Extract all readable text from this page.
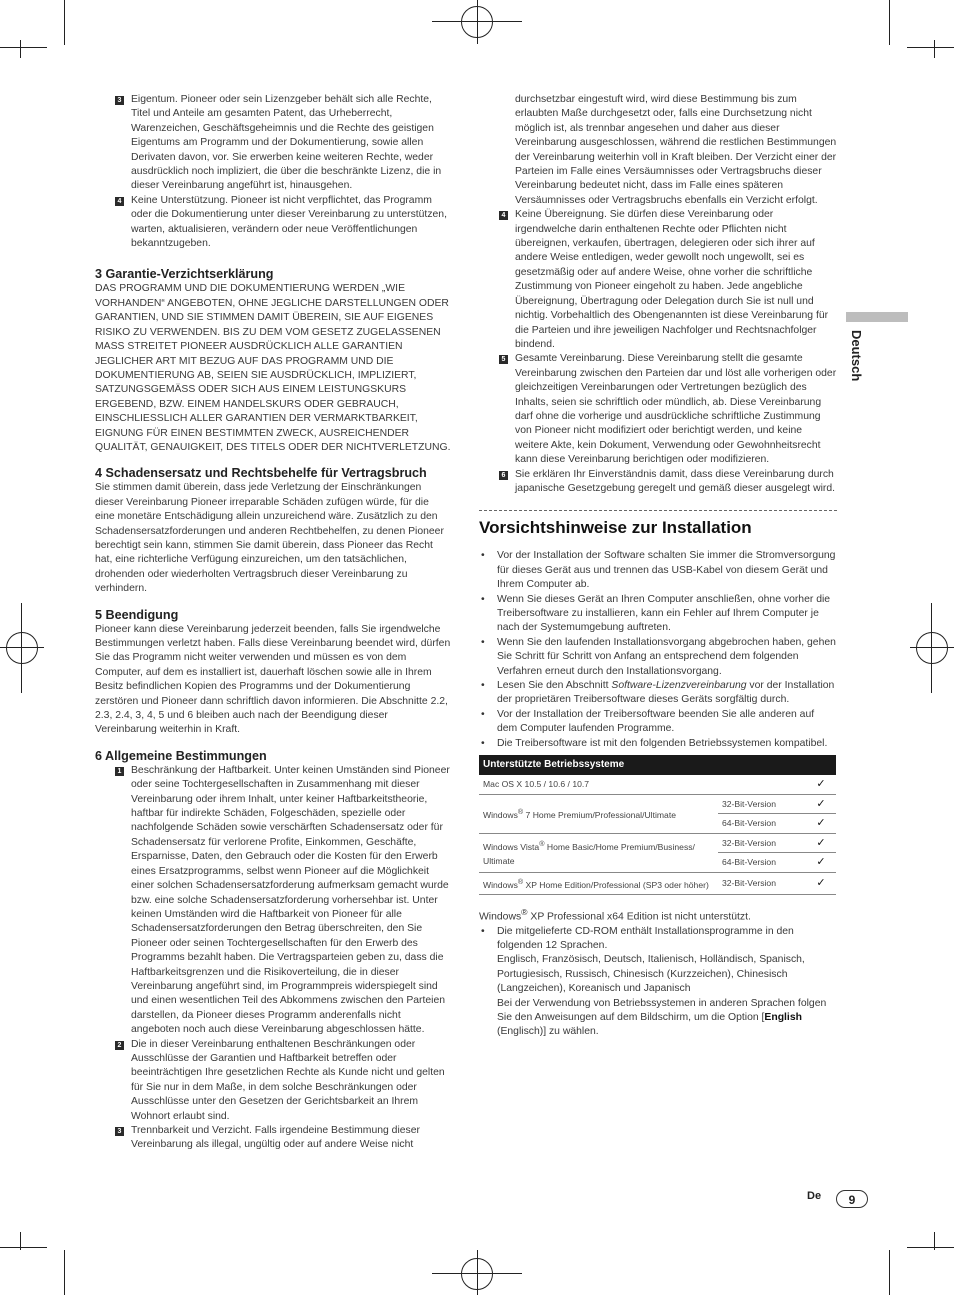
Deutsch
3 Eigentum. Pioneer oder sein Lizenzgeber behält sich alle Rechte, Titel und Anteile am gesamten Patent, das Urheberrecht, Warenzeichen, Geschäftsgeheimnis und die Rechte des geistigen Eigentums am Programm und der Dokumentierung, sowie allen Derivaten davon, vor. Sie erwerben keine weiteren Rechte, weder ausdrücklich noch impliziert, die über die beschränkte Lizenz, die in dieser Vereinbarung angeführt ist, hinausgehen.

4 Keine Unterstützung. Pioneer ist nicht verpflichtet, das Programm oder die Dokumentierung unter dieser Vereinbarung zu unterstützen, warten, aktualisieren, verändern oder neue Veröffentlichungen bekanntzugeben.

3 Garantie-Verzichtserklärung

DAS PROGRAMM UND DIE DOKUMENTIERUNG WERDEN „WIE VORHANDEN“ ANGEBOTEN, OHNE JEGLICHE DARSTELLUNGEN ODER GARANTIEN, UND SIE STIMMEN DAMIT ÜBEREIN, SIE AUF EIGENES RISIKO ZU VERWENDEN. BIS ZU DEM VOM GESETZ ZUGELASSENEN MASS STREITET PIONEER AUSDRÜCKLICH ALLE GARANTIEN JEGLICHER ART MIT BEZUG AUF DAS PROGRAMM UND DIE DOKUMENTIERUNG AB, SEIEN SIE AUSDRÜCKLICH, IMPLIZIERT, SATZUNGSGEMÄSS ODER SICH AUS EINEM LEISTUNGSKURS ERGEBEND, BZW. EINEM HANDELSKURS ODER GEBRAUCH, EINSCHLIESSLICH ALLER GARANTIEN DER VERMARKTBARKEIT, EIGNUNG FÜR EINEN BESTIMMTEN ZWECK, AUSREICHENDER QUALITÄT, GENAUIGKEIT, DES TITELS ODER DER NICHTVERLETZUNG.

4 Schadensersatz und Rechtsbehelfe für Vertragsbruch

Sie stimmen damit überein, dass jede Verletzung der Einschränkungen dieser Vereinbarung Pioneer irreparable Schäden zufügen würde, für die eine monetäre Entschädigung allein unzureichend wäre. Zusätzlich zu den Schadensersatzforderungen und anderen Rechtbehelfen, zu denen Pioneer berechtigt sein kann, stimmen Sie damit überein, dass Pioneer das Recht hat, eine richterliche Verfügung einzureichen, um den tatsächlichen, drohenden oder wiederholten Vertragsbruch dieser Vereinbarung zu verhindern.

5 Beendigung

Pioneer kann diese Vereinbarung jederzeit beenden, falls Sie irgendwelche Bestimmungen verletzt haben. Falls diese Vereinbarung beendet wird, dürfen Sie das Programm nicht weiter verwenden und müssen es von dem Computer, auf dem es installiert ist, dauerhaft löschen sowie alle in Ihrem Besitz befindlichen Kopien des Programms und der Dokumentierung zerstören und Pioneer dann schriftlich davon informieren. Die Abschnitte 2.2, 2.3, 2.4, 3, 4, 5 und 6 bleiben auch nach der Beendigung dieser Vereinbarung weiterhin in Kraft.

6 Allgemeine Bestimmungen
1 Beschränkung der Haftbarkeit. Unter keinen Umständen sind Pioneer oder seine Tochtergesellschaften in Zusammenhang mit dieser Vereinbarung oder ihrem Inhalt, unter keiner Haftbarkeitstheorie, haftbar für indirekte Schäden, Folgeschäden, spezielle oder nachfolgende Schäden sowie verschärften Schadensersatz oder für Schadensersatz für verlorene Profite, Einkommen, Geschäfte, Ersparnisse, Daten, den Gebrauch oder die Kosten für den Erwerb eines Ersatzprogramms, selbst wenn Pioneer auf die Möglichkeit einer solchen Schadensersatzforderung aufmerksam gemacht wurde bzw. eine solche Schadensersatzforderung vorhersehbar ist. Unter keinen Umständen wird die Haftbarkeit von Pioneer für alle Schadensersatzforderungen den Betrag überschreiten, den Sie Pioneer oder seinen Tochtergesellschaften für den Erwerb des Programms bezahlt haben. Die Vertragsparteien geben zu, dass die Haftbarkeitsgrenzen und die Risikoverteilung, die in dieser Vereinbarung angeführt sind, im Programmpreis widerspiegelt sind und einen wesentlichen Teil des Abkommens zwischen den Parteien darstellen, da Pioneer dieses Programm anderenfalls nicht angeboten noch auch diese Vereinbarung abgeschlossen hätte.

2 Die in dieser Vereinbarung enthaltenen Beschränkungen oder Ausschlüsse der Garantien und Haftbarkeit betreffen oder beeinträchtigen Ihre gesetzlichen Rechte als Kunde nicht und gelten für Sie nur in dem Maße, in dem solche Beschränkungen oder Ausschlüsse unter den Gesetzen der Gerichtsbarkeit an Ihrem Wohnort erlaubt sind.

3 Trennbarkeit und Verzicht. Falls irgendeine Bestimmung dieser Vereinbarung als illegal, ungültig oder auf andere Weise nicht

durchsetzbar eingestuft wird, wird diese Bestimmung bis zum erlaubten Maße durchgesetzt oder, falls eine Durchsetzung nicht möglich ist, als trennbar angesehen und daher aus dieser Vereinbarung ausgeschlossen, während die restlichen Bestimmungen der Vereinbarung weiterhin voll in Kraft bleiben. Der Verzicht einer der Parteien im Falle eines Versäumnisses oder Vertragsbruchs dieser Vereinbarung bedeutet nicht, dass im Falle eines späteren Versäumnisses oder Vertragsbruchs ebenfalls ein Verzicht erfolgt.

4 Keine Übereignung. Sie dürfen diese Vereinbarung oder irgendwelche darin enthaltenen Rechte oder Pflichten nicht übereignen, verkaufen, übertragen, delegieren oder sich ihrer auf andere Weise entledigen, weder gewollt noch ungewollt, sei es gesetzmäßig oder auf andere Weise, ohne vorher die schriftliche Zustimmung von Pioneer eingeholt zu haben. Jede angebliche Übereignung, Übertragung oder Delegation durch Sie ist null und nichtig. Vorbehaltlich des Obengenannten ist diese Vereinbarung für die Parteien und ihre jeweiligen Nachfolger und Rechtsnachfolger bindend.

5 Gesamte Vereinbarung. Diese Vereinbarung stellt die gesamte Vereinbarung zwischen den Parteien dar und löst alle vorherigen oder gleichzeitigen Vereinbarungen oder Vertretungen bezüglich des Inhalts, seien sie schriftlich oder mündlich, ab. Diese Vereinbarung darf ohne die vorherige und ausdrückliche schriftliche Zustimmung von Pioneer nicht modifiziert oder berichtigt werden, und keine weitere Akte, kein Dokument, Verwendung oder Gewohnheitsrecht kann diese Vereinbarung berichtigen oder modifizieren.

6 Sie erklären Ihr Einverständnis damit, dass diese Vereinbarung durch japanische Gesetzgebung geregelt und gemäß dieser ausgelegt wird.

Vorsichtshinweise zur Installation
• Vor der Installation der Software schalten Sie immer die Stromversorgung für dieses Gerät aus und trennen das USB-Kabel von diesem Gerät und Ihrem Computer ab.
• Wenn Sie dieses Gerät an Ihren Computer anschließen, ohne vorher die Treibersoftware zu installieren, kann ein Fehler auf Ihrem Computer je nach der Systemumgebung auftreten.
• Wenn Sie den laufenden Installationsvorgang abgebrochen haben, gehen Sie Schritt für Schritt von Anfang an entsprechend dem folgenden Verfahren erneut durch den Installationsvorgang.
• Lesen Sie den Abschnitt Software-Lizenzvereinbarung vor der Installation der proprietären Treibersoftware dieses Geräts sorgfältig durch.
• Vor der Installation der Treibersoftware beenden Sie alle anderen auf dem Computer laufenden Programme.
• Die Treibersoftware ist mit den folgenden Betriebssystemen kompatibel.
Unterstützte Betriebssysteme		
Mac OS X 10.5 / 10.6 / 10.7		✓
Windows® 7 Home Premium/Professional/Ultimate	32-Bit-Version	✓
	64-Bit-Version	✓
Windows Vista® Home Basic/Home Premium/Business/ Ultimate	32-Bit-Version	✓
	64-Bit-Version	✓
Windows® XP Home Edition/Professional (SP3 oder höher)	32-Bit-Version	✓

Windows® XP Professional x64 Edition ist nicht unterstützt.

• Die mitgelieferte CD-ROM enthält Installationsprogramme in den folgenden 12 Sprachen.

Englisch, Französisch, Deutsch, Italienisch, Holländisch, Spanisch, Portugiesisch, Russisch, Chinesisch (Kurzzeichen), Chinesisch (Langzeichen), Koreanisch und Japanisch

Bei der Verwendung von Betriebssystemen in anderen Sprachen folgen Sie den Anweisungen auf dem Bildschirm, um die Option [English (Englisch)] zu wählen.

De	9
